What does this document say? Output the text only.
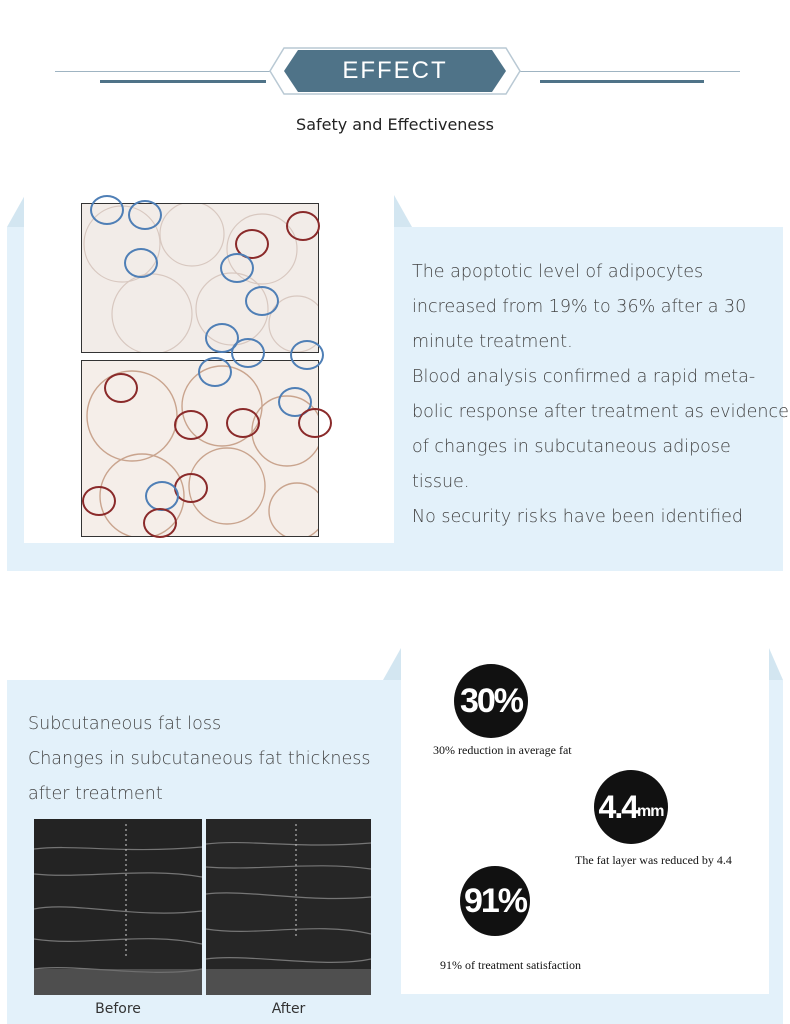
EFFECT
Safety and Effectiveness
The apoptotic level of adipocytes
increased from 19% to 36% after a 30
minute treatment.
Blood analysis confirmed a rapid meta-
bolic response after treatment as evidence
of changes in subcutaneous adipose
tissue.
No security risks have been identified
Subcutaneous fat loss
Changes in subcutaneous fat thickness
after treatment
Before	After
30%
30% reduction in average fat
4.4 mm
The fat layer was reduced by 4.4
91%
91% of treatment satisfaction
